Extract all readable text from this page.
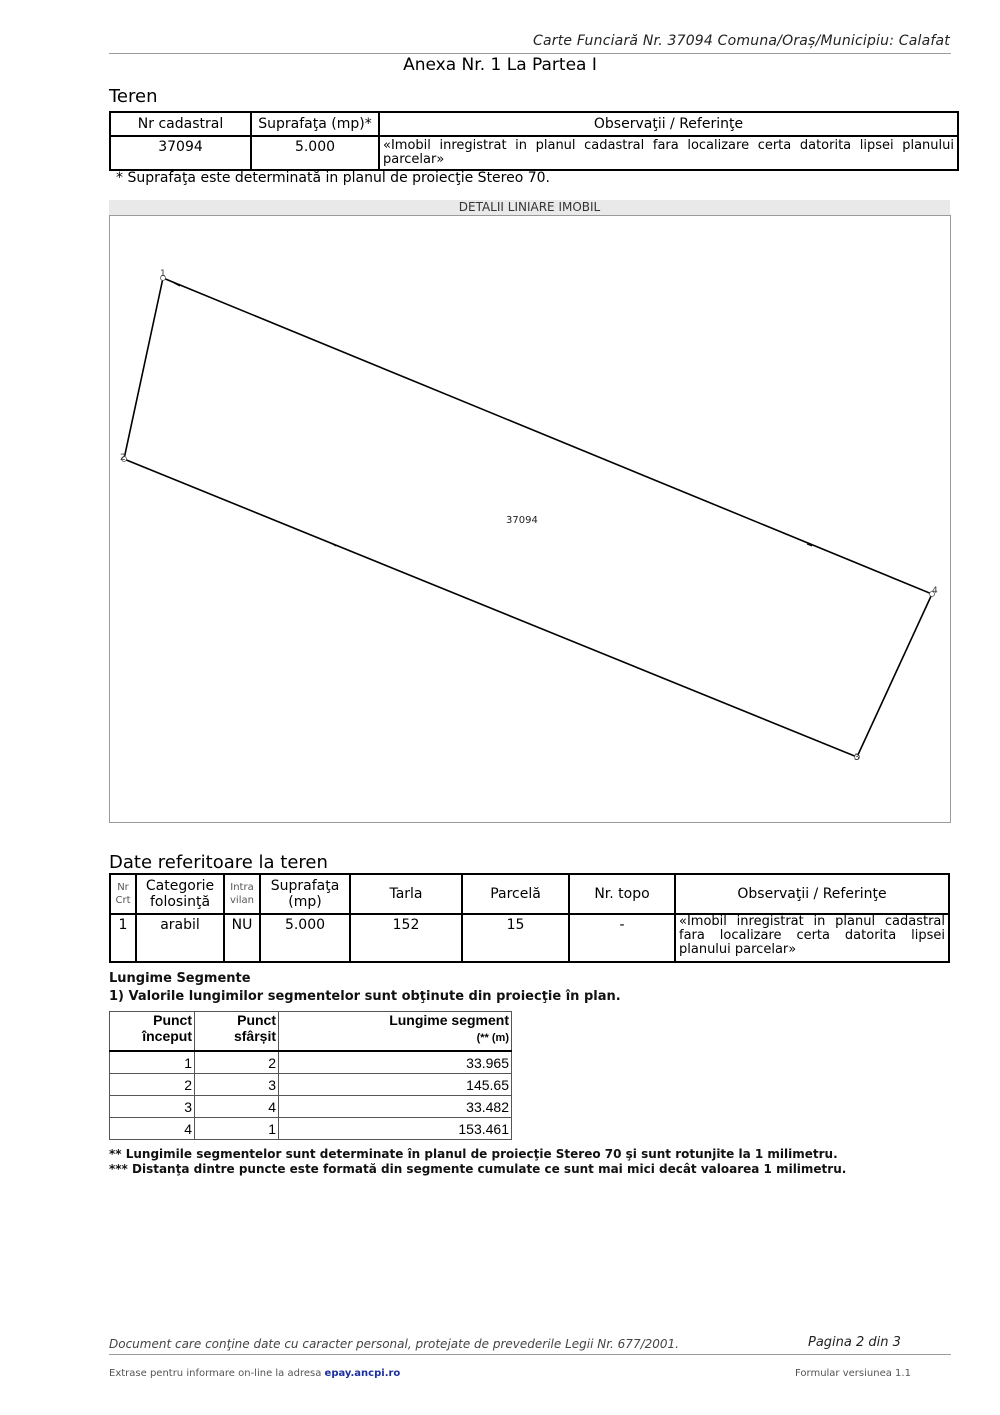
Carte Funciară Nr. 37094 Comuna/Oraș/Municipiu: Calafat
Anexa Nr. 1 La Partea I
Teren
Nr cadastral	Suprafaţa (mp)*	Observaţii / Referinţe
37094	5.000	«Imobil inregistrat in planul cadastral fara localizare certa datorita lipsei planului parcelar»
* Suprafaţa este determinată in planul de proiecţie Stereo 70.
DETALII LINIARE IMOBIL
1
2
3
4
37094
Date referitoare la teren
Nr Crt	Categorie folosinţă	Intra vilan	Suprafaţa (mp)	Tarla	Parcelă	Nr. topo	Observaţii / Referinţe
1	arabil	NU	5.000	152	15	-	«Imobil inregistrat in planul cadastral fara localizare certa datorita lipsei planului parcelar»
Lungime Segmente
1) Valorile lungimilor segmentelor sunt obţinute din proiecţie în plan.
Punct început	Punct sfârșit	Lungime segment
(** (m)
1	2	33.965
2	3	145.65
3	4	33.482
4	1	153.461
** Lungimile segmentelor sunt determinate în planul de proiecţie Stereo 70 şi sunt rotunjite la 1 milimetru.
*** Distanţa dintre puncte este formată din segmente cumulate ce sunt mai mici decât valoarea 1 milimetru.
Document care conţine date cu caracter personal, protejate de prevederile Legii Nr. 677/2001.	Pagina 2 din 3
Extrase pentru informare on-line la adresa epay.ancpi.ro	Formular versiunea 1.1
